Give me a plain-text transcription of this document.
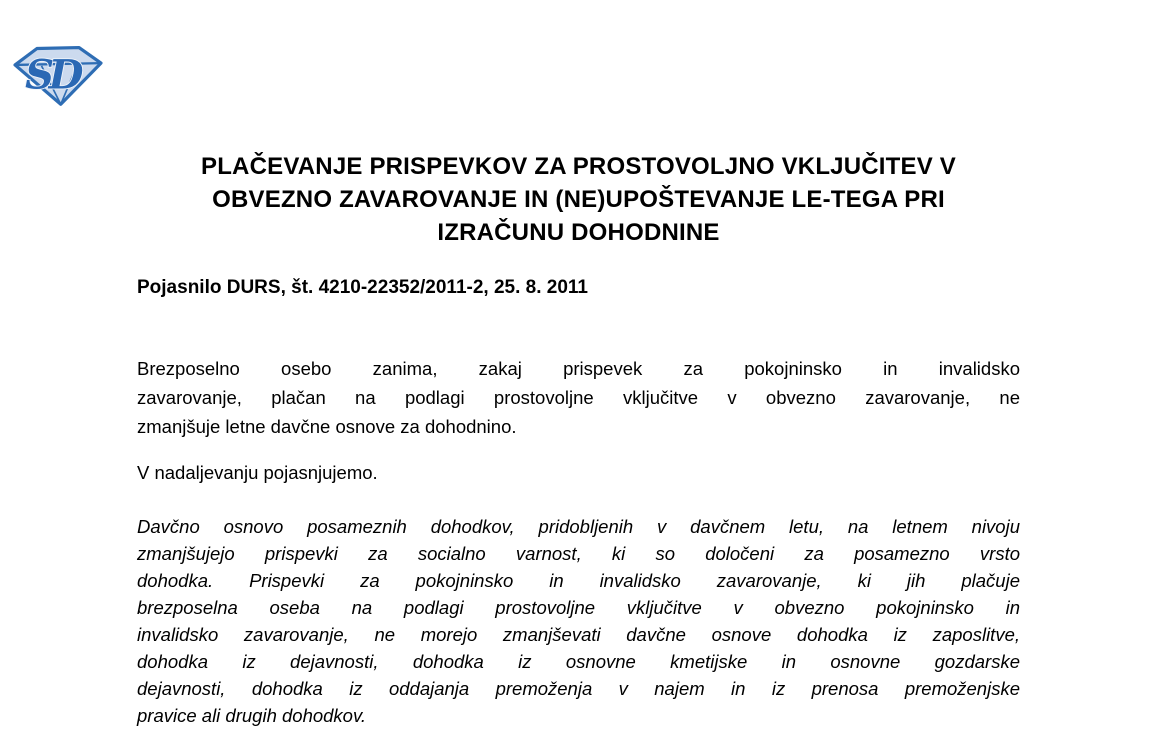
SD
PLAČEVANJE PRISPEVKOV ZA PROSTOVOLJNO VKLJUČITEV V
OBVEZNO ZAVAROVANJE IN (NE)UPOŠTEVANJE LE-TEGA PRI
IZRAČUNU DOHODNINE
Pojasnilo DURS, št. 4210-22352/2011-2, 25. 8. 2011
Brezposelno osebo zanima, zakaj prispevek za pokojninsko in invalidsko
zavarovanje, plačan na podlagi prostovoljne vključitve v obvezno zavarovanje, ne
zmanjšuje letne davčne osnove za dohodnino.
V nadaljevanju pojasnjujemo.
Davčno osnovo posameznih dohodkov, pridobljenih v davčnem letu, na letnem nivoju
zmanjšujejo prispevki za socialno varnost, ki so določeni za posamezno vrsto
dohodka. Prispevki za pokojninsko in invalidsko zavarovanje, ki jih plačuje
brezposelna oseba na podlagi prostovoljne vključitve v obvezno pokojninsko in
invalidsko zavarovanje, ne morejo zmanjševati davčne osnove dohodka iz zaposlitve,
dohodka iz dejavnosti, dohodka iz osnovne kmetijske in osnovne gozdarske
dejavnosti, dohodka iz oddajanja premoženja v najem in iz prenosa premoženjske
pravice ali drugih dohodkov.
